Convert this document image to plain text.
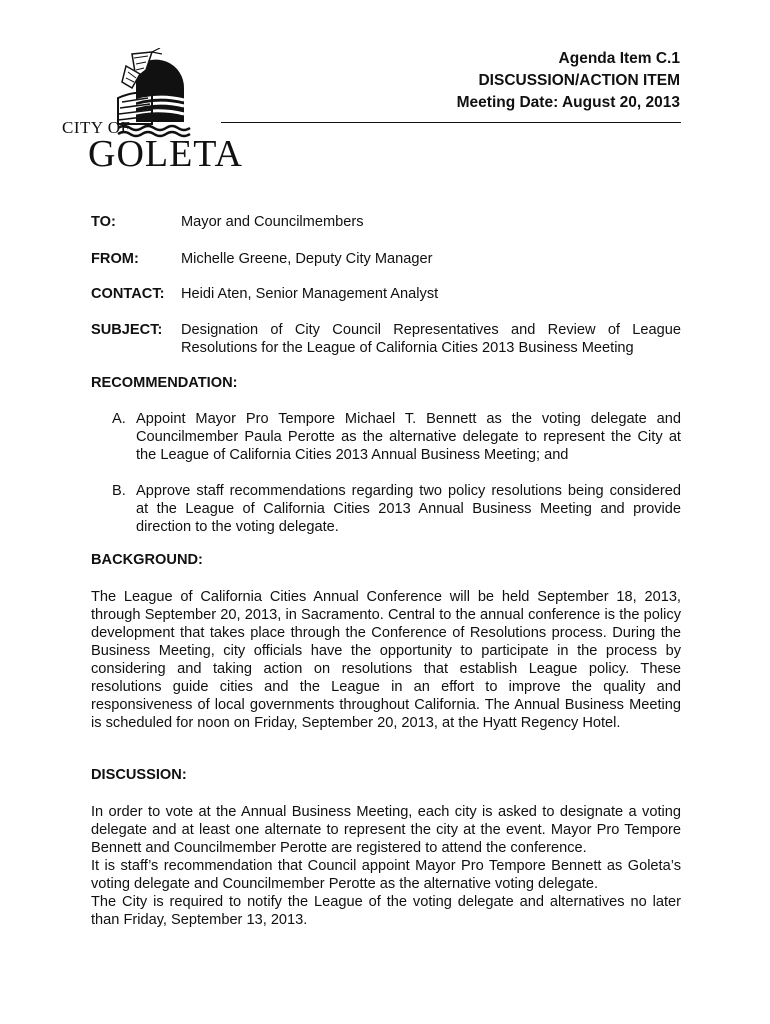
CITY OF
GOLETA
Agenda Item C.1
DISCUSSION/ACTION ITEM
Meeting Date: August 20, 2013
TO:	Mayor and Councilmembers
FROM:	Michelle Greene, Deputy City Manager
CONTACT: Heidi Aten, Senior Management Analyst
SUBJECT: Designation of City Council Representatives and Review of League Resolutions for the League of California Cities 2013 Business Meeting
RECOMMENDATION:
A. Appoint Mayor Pro Tempore Michael T. Bennett as the voting delegate and Councilmember Paula Perotte as the alternative delegate to represent the City at the League of California Cities 2013 Annual Business Meeting; and
B. Approve staff recommendations regarding two policy resolutions being considered at the League of California Cities 2013 Annual Business Meeting and provide direction to the voting delegate.
BACKGROUND:
The League of California Cities Annual Conference will be held September 18, 2013, through September 20, 2013, in Sacramento. Central to the annual conference is the policy development that takes place through the Conference of Resolutions process. During the Business Meeting, city officials have the opportunity to participate in the process by considering and taking action on resolutions that establish League policy. These resolutions guide cities and the League in an effort to improve the quality and responsiveness of local governments throughout California. The Annual Business Meeting is scheduled for noon on Friday, September 20, 2013, at the Hyatt Regency Hotel.
DISCUSSION:

In order to vote at the Annual Business Meeting, each city is asked to designate a voting delegate and at least one alternate to represent the city at the event. Mayor Pro Tempore Bennett and Councilmember Perotte are registered to attend the conference.

It is staff’s recommendation that Council appoint Mayor Pro Tempore Bennett as Goleta’s voting delegate and Councilmember Perotte as the alternative voting delegate.

The City is required to notify the League of the voting delegate and alternatives no later than Friday, September 13, 2013.
